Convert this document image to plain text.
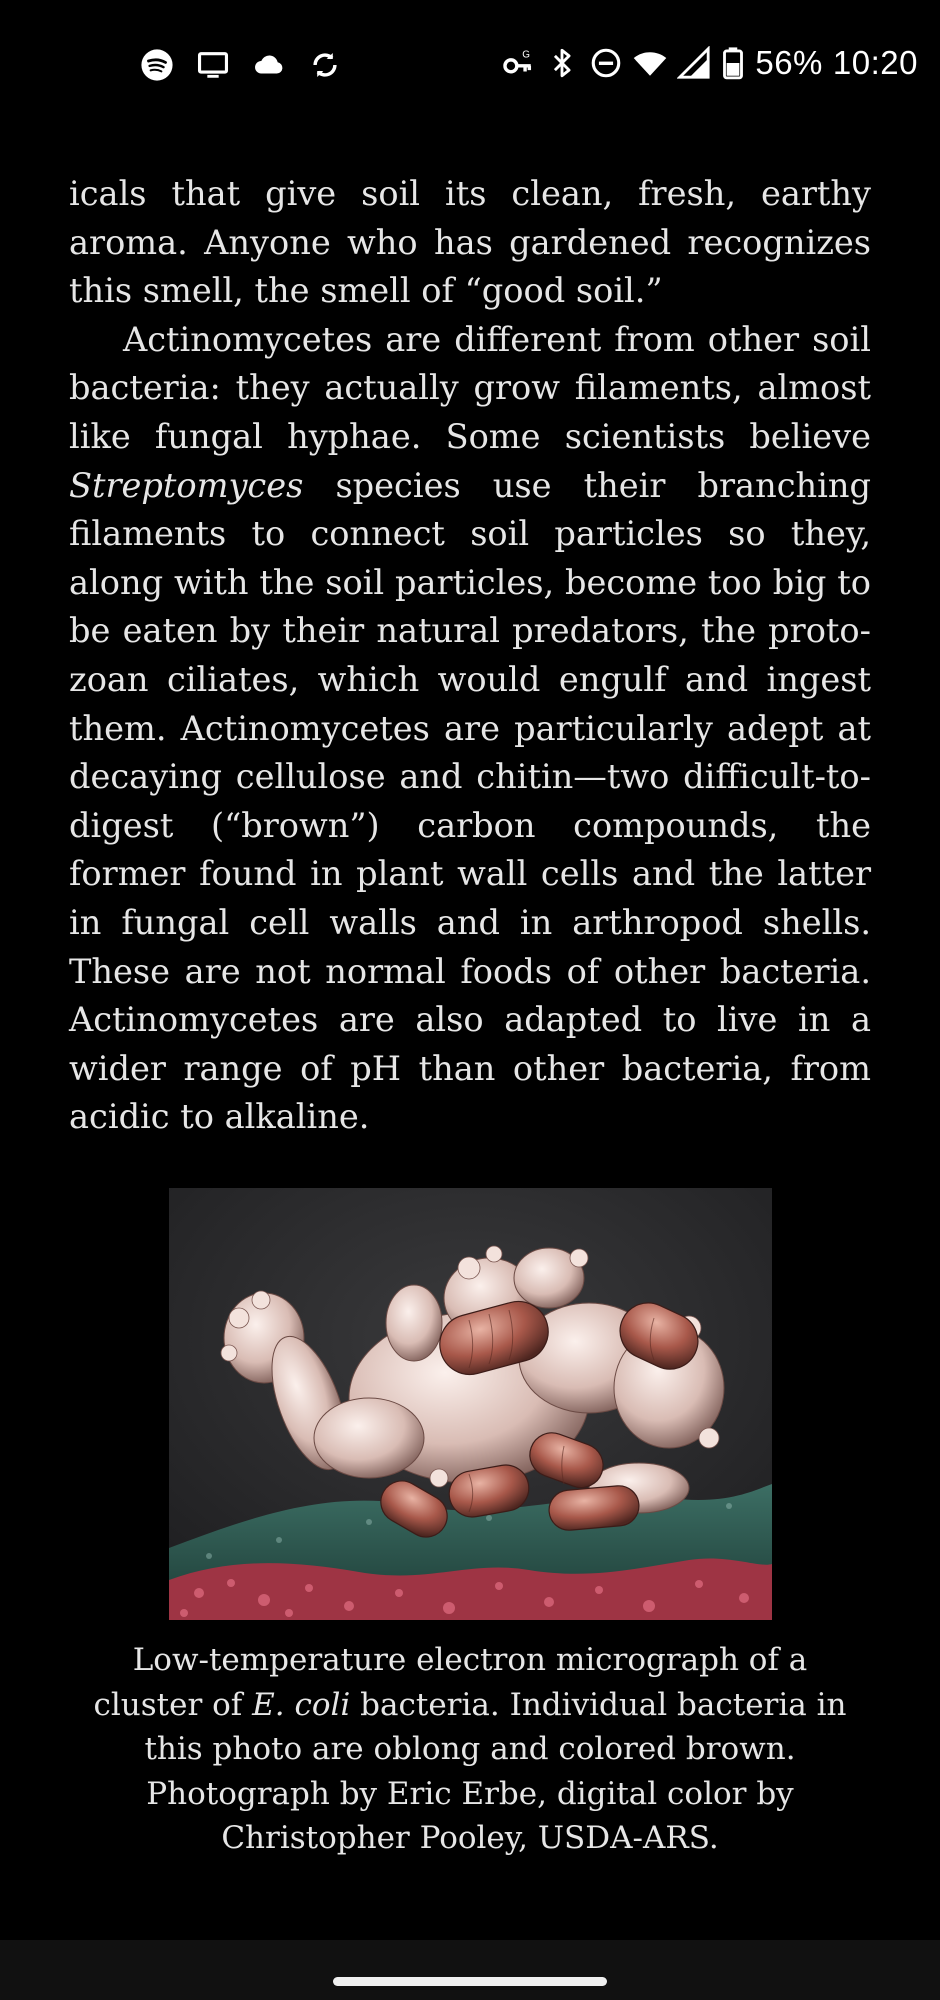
G	56% 10:20

icals that give soil its clean, fresh, earthy aroma. Anyone who has gardened recognizes this smell, the smell of “good soil.”

Actinomycetes are different from other soil bacteria: they actually grow filaments, almost like fungal hyphae. Some scientists believe Streptomyces species use their branching filaments to connect soil particles so they, along with the soil particles, become too big to be eaten by their natural predators, the protozoan ciliates, which would engulf and ingest them. Actinomycetes are particularly adept at decaying cellulose and chitin—two difficult-to-digest (“brown”) carbon compounds, the former found in plant wall cells and the latter in fungal cell walls and in arthropod shells. These are not normal foods of other bacteria. Actinomycetes are also adapted to live in a wider range of pH than other bacteria, from acidic to alkaline.

Low-temperature electron micrograph of a cluster of E. coli bacteria. Individual bacteria in this photo are oblong and colored brown. Photograph by Eric Erbe, digital color by Christopher Pooley, USDA-ARS.
